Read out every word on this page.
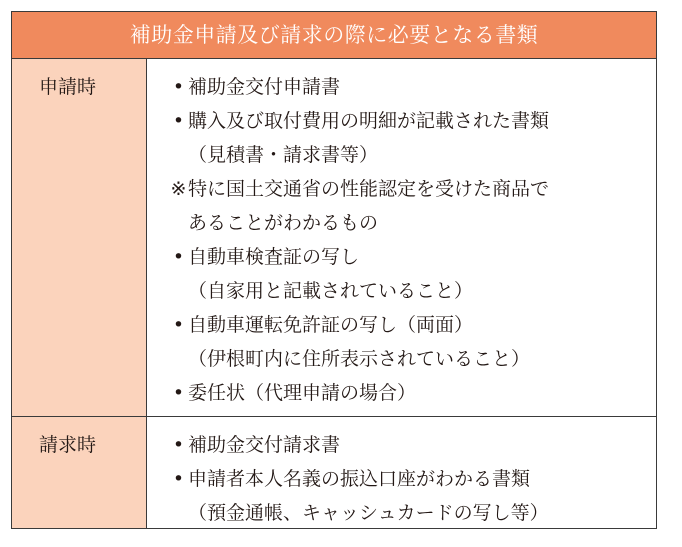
補助金申請及び請求の際に必要となる書類
申請時	• 補助金交付申請書
• 購入及び取付費用の明細が記載された書類
（見積書・請求書等）
※ 特に国土交通省の性能認定を受けた商品で
あることがわかるもの
• 自動車検査証の写し
（自家用と記載されていること）
• 自動車運転免許証の写し（両面）
（伊根町内に住所表示されていること）
• 委任状（代理申請の場合）
請求時	• 補助金交付請求書
• 申請者本人名義の振込口座がわかる書類
（預金通帳、キャッシュカードの写し等）
